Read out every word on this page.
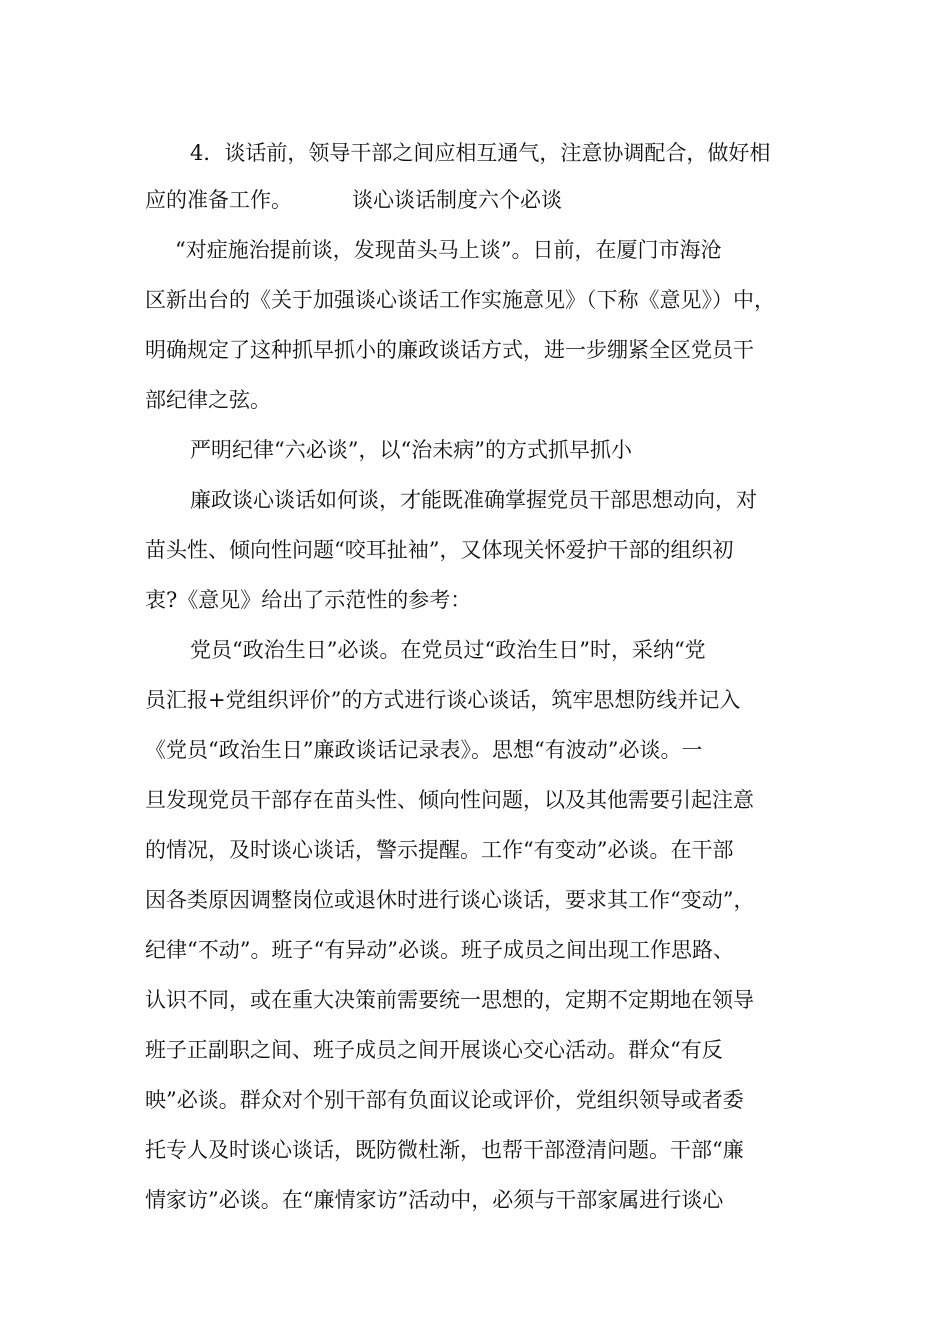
4．谈话前，领导干部之间应相互通气，注意协调配合，做好相
应的准备工作。	谈心谈话制度六个必谈
“对症施治提前谈，发现苗头马上谈”。日前，在厦门市海沧
区新出台的《关于加强谈心谈话工作实施意见》（下称《意见》）中，
明确规定了这种抓早抓小的廉政谈话方式，进一步绷紧全区党员干
部纪律之弦。
严明纪律“六必谈”，以“治未病”的方式抓早抓小
廉政谈心谈话如何谈，才能既准确掌握党员干部思想动向，对
苗头性、倾向性问题“咬耳扯袖”，又体现关怀爱护干部的组织初
衷?《意见》给出了示范性的参考：
党员“政治生日”必谈。在党员过“政治生日”时，采纳“党
员汇报+党组织评价”的方式进行谈心谈话，筑牢思想防线并记入
《党员“政治生日”廉政谈话记录表》。思想“有波动”必谈。一
旦发现党员干部存在苗头性、倾向性问题，以及其他需要引起注意
的情况，及时谈心谈话，警示提醒。工作“有变动”必谈。在干部
因各类原因调整岗位或退休时进行谈心谈话，要求其工作“变动”，
纪律“不动”。班子“有异动”必谈。班子成员之间出现工作思路、
认识不同，或在重大决策前需要统一思想的，定期不定期地在领导
班子正副职之间、班子成员之间开展谈心交心活动。群众“有反
映”必谈。群众对个别干部有负面议论或评价，党组织领导或者委
托专人及时谈心谈话，既防微杜渐，也帮干部澄清问题。干部“廉
情家访”必谈。在“廉情家访”活动中，必须与干部家属进行谈心
